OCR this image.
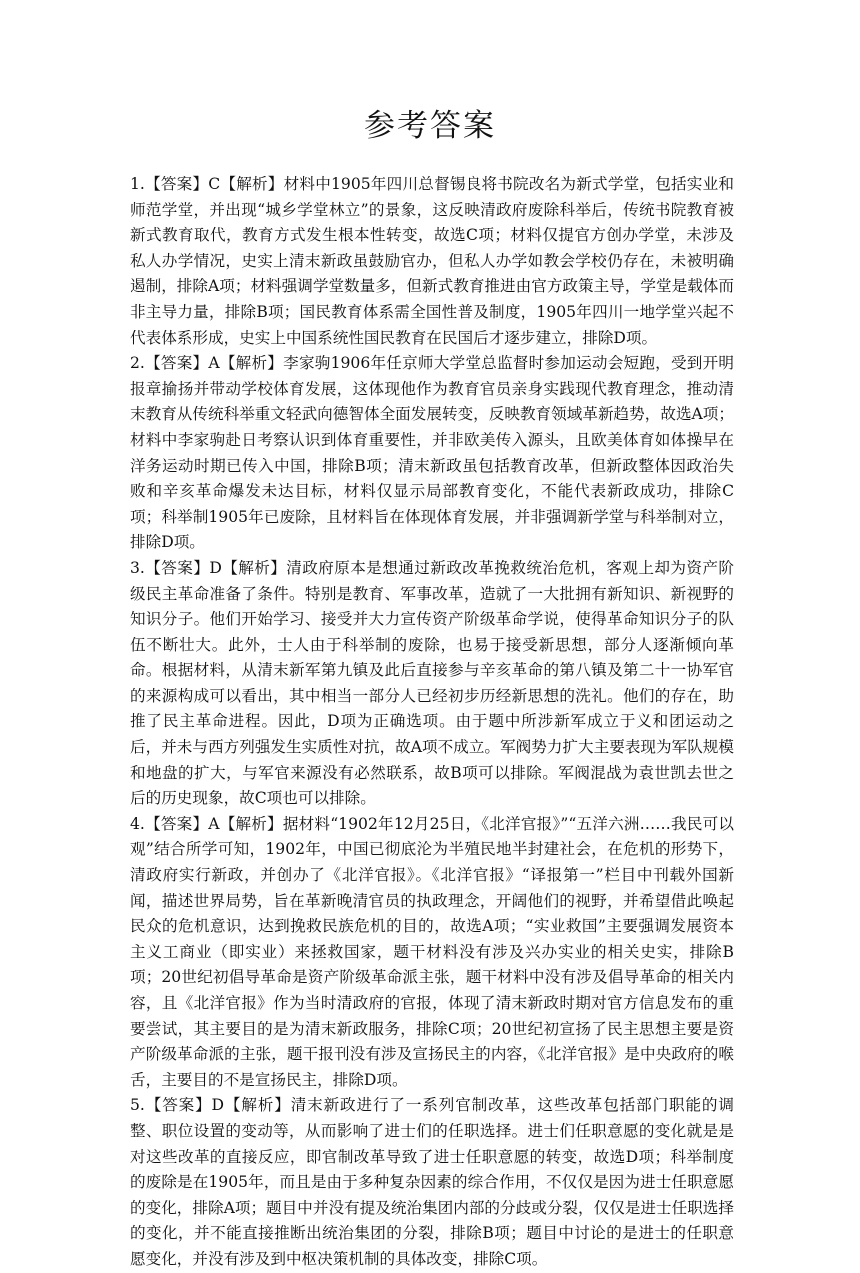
参考答案

1.【答案】C【解析】材料中1905年四川总督锡良将书院改名为新式学堂，包括实业和师范学堂，并出现“城乡学堂林立”的景象，这反映清政府废除科举后，传统书院教育被新式教育取代，教育方式发生根本性转变，故选C项；材料仅提官方创办学堂，未涉及私人办学情况，史实上清末新政虽鼓励官办，但私人办学如教会学校仍存在，未被明确遏制，排除A项；材料强调学堂数量多，但新式教育推进由官方政策主导，学堂是载体而非主导力量，排除B项；国民教育体系需全国性普及制度，1905年四川一地学堂兴起不代表体系形成，史实上中国系统性国民教育在民国后才逐步建立，排除D项。

2.【答案】A【解析】李家驹1906年任京师大学堂总监督时参加运动会短跑，受到开明报章揄扬并带动学校体育发展，这体现他作为教育官员亲身实践现代教育理念，推动清末教育从传统科举重文轻武向德智体全面发展转变，反映教育领域革新趋势，故选A项；材料中李家驹赴日考察认识到体育重要性，并非欧美传入源头，且欧美体育如体操早在洋务运动时期已传入中国，排除B项；清末新政虽包括教育改革，但新政整体因政治失败和辛亥革命爆发未达目标，材料仅显示局部教育变化，不能代表新政成功，排除C项；科举制1905年已废除，且材料旨在体现体育发展，并非强调新学堂与科举制对立，排除D项。

3.【答案】D【解析】清政府原本是想通过新政改革挽救统治危机，客观上却为资产阶级民主革命准备了条件。特别是教育、军事改革，造就了一大批拥有新知识、新视野的知识分子。他们开始学习、接受并大力宣传资产阶级革命学说，使得革命知识分子的队伍不断壮大。此外，士人由于科举制的废除，也易于接受新思想，部分人逐渐倾向革命。根据材料，从清末新军第九镇及此后直接参与辛亥革命的第八镇及第二十一协军官的来源构成可以看出，其中相当一部分人已经初步历经新思想的洗礼。他们的存在，助推了民主革命进程。因此，D项为正确选项。由于题中所涉新军成立于义和团运动之后，并未与西方列强发生实质性对抗，故A项不成立。军阀势力扩大主要表现为军队规模和地盘的扩大，与军官来源没有必然联系，故B项可以排除。军阀混战为袁世凯去世之后的历史现象，故C项也可以排除。

4.【答案】A【解析】据材料“1902年12月25日，《北洋官报》”“五洋六洲……我民可以观”结合所学可知，1902年，中国已彻底沦为半殖民地半封建社会，在危机的形势下，清政府实行新政，并创办了《北洋官报》。《北洋官报》“译报第一”栏目中刊载外国新闻，描述世界局势，旨在革新晚清官员的执政理念，开阔他们的视野，并希望借此唤起民众的危机意识，达到挽救民族危机的目的，故选A项；“实业救国”主要强调发展资本主义工商业（即实业）来拯救国家，题干材料没有涉及兴办实业的相关史实，排除B项；20世纪初倡导革命是资产阶级革命派主张，题干材料中没有涉及倡导革命的相关内容，且《北洋官报》作为当时清政府的官报，体现了清末新政时期对官方信息发布的重要尝试，其主要目的是为清末新政服务，排除C项；20世纪初宣扬了民主思想主要是资产阶级革命派的主张，题干报刊没有涉及宣扬民主的内容，《北洋官报》是中央政府的喉舌，主要目的不是宣扬民主，排除D项。

5.【答案】D【解析】清末新政进行了一系列官制改革，这些改革包括部门职能的调整、职位设置的变动等，从而影响了进士们的任职选择。进士们任职意愿的变化就是是对这些改革的直接反应，即官制改革导致了进士任职意愿的转变，故选D项；科举制度的废除是在1905年，而且是由于多种复杂因素的综合作用，不仅仅是因为进士任职意愿的变化，排除A项；题目中并没有提及统治集团内部的分歧或分裂，仅仅是进士任职选择的变化，并不能直接推断出统治集团的分裂，排除B项；题目中讨论的是进士的任职意愿变化，并没有涉及到中枢决策机制的具体改变，排除C项。
